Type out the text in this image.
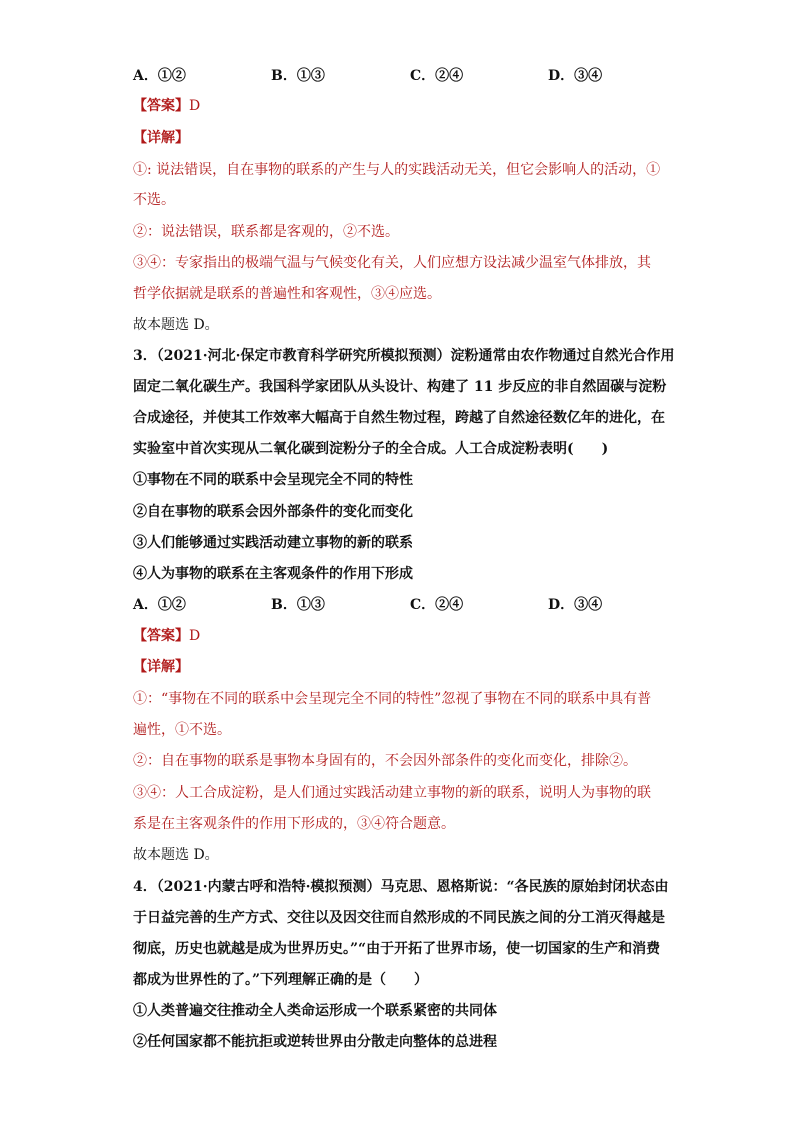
A．①②	B．①③	C．②④	D．③④
【答案】D
【详解】
①: 说法错误，自在事物的联系的产生与人的实践活动无关，但它会影响人的活动，①
不选。
②：说法错误，联系都是客观的，②不选。
③④：专家指出的极端气温与气候变化有关，人们应想方设法减少温室气体排放，其
哲学依据就是联系的普遍性和客观性，③④应选。
故本题选 D。
3．（2021·河北·保定市教育科学研究所模拟预测）淀粉通常由农作物通过自然光合作用
固定二氧化碳生产。我国科学家团队从头设计、构建了 11 步反应的非自然固碳与淀粉
合成途径，并使其工作效率大幅高于自然生物过程，跨越了自然途径数亿年的进化，在
实验室中首次实现从二氧化碳到淀粉分子的全合成。人工合成淀粉表明(　　)
①事物在不同的联系中会呈现完全不同的特性
②自在事物的联系会因外部条件的变化而变化
③人们能够通过实践活动建立事物的新的联系
④人为事物的联系在主客观条件的作用下形成
A．①②	B．①③	C．②④	D．③④
【答案】D
【详解】
①：“事物在不同的联系中会呈现完全不同的特性”忽视了事物在不同的联系中具有普
遍性，①不选。
②：自在事物的联系是事物本身固有的，不会因外部条件的变化而变化，排除②。
③④：人工合成淀粉，是人们通过实践活动建立事物的新的联系，说明人为事物的联
系是在主客观条件的作用下形成的，③④符合题意。
故本题选 D。
4．（2021·内蒙古呼和浩特·模拟预测）马克思、恩格斯说：“各民族的原始封闭状态由
于日益完善的生产方式、交往以及因交往而自然形成的不同民族之间的分工消灭得越是
彻底，历史也就越是成为世界历史。”“由于开拓了世界市场，使一切国家的生产和消费
都成为世界性的了。”下列理解正确的是（　　）
①人类普遍交往推动全人类命运形成一个联系紧密的共同体
②任何国家都不能抗拒或逆转世界由分散走向整体的总进程
